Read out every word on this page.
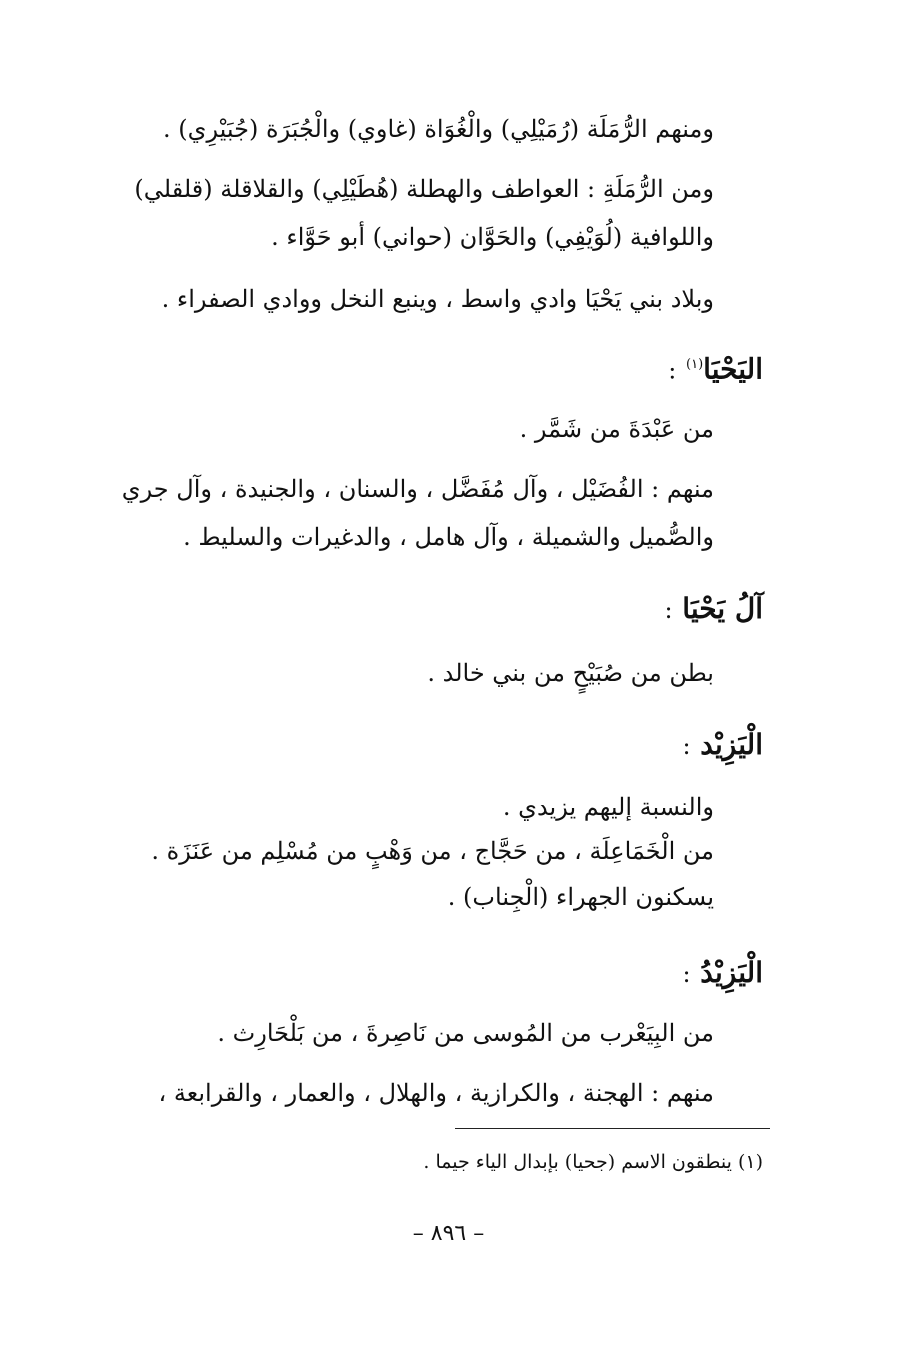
ومنهم الرُّمَلَة (رُمَيْلِي) والْغُوَاة (غاوي) والْجُبَرَة (جُبَيْرِي) .
ومن الرُّمَلَةِ : العواطف والهطلة (هُطَيْلِي) والقلاقلة (قلقلي)
واللوافية (لُوَيْفِي) والحَوَّان (حواني) أبو حَوَّاء .
وبلاد بني يَحْيَا وادي واسط ، وينبع النخل ووادي الصفراء .
اليَحْيَا$^{(١)}$ :
من عَبْدَةَ من شَمَّر .
منهم : الفُضَيْل ، وآل مُفَضَّل ، والسنان ، والجنيدة ، وآل جري
والصُّميل والشميلة ، وآل هامل ، والدغيرات والسليط .
آلُ يَحْيَا :
بطن من صُبَيْحٍ من بني خالد .
الْيَزِيْد :
والنسبة إليهم يزيدي .
من الْخَمَاعِلَة ، من حَجَّاج ، من وَهْبٍ من مُسْلِم من عَنَزَة .
يسكنون الجهراء (الْجِناب) .
الْيَزِيْدُ :
من البِيَعْرب من المُوسى من نَاصِرةَ ، من بَلْحَارِث .
منهم : الهجنة ، والكرازية ، والهلال ، والعمار ، والقرابعة ،
(١) ينطقون الاسم (جحيا) بإبدال الياء جيما .
– ٨٩٦ –
